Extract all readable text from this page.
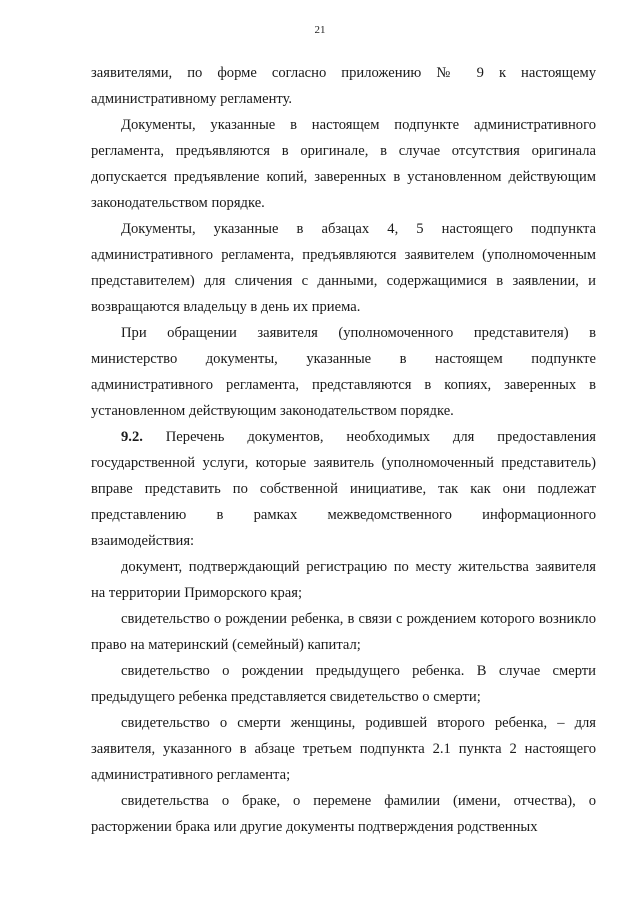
21

заявителями, по форме согласно приложению № 9 к настоящему административному регламенту.

Документы, указанные в настоящем подпункте административного регламента, предъявляются в оригинале, в случае отсутствия оригинала допускается предъявление копий, заверенных в установленном действующим законодательством порядке.

Документы, указанные в абзацах 4, 5 настоящего подпункта административного регламента, предъявляются заявителем (уполномоченным представителем) для сличения с данными, содержащимися в заявлении, и возвращаются владельцу в день их приема.

При обращении заявителя (уполномоченного представителя) в министерство документы, указанные в настоящем подпункте административного регламента, представляются в копиях, заверенных в установленном действующим законодательством порядке.

9.2. Перечень документов, необходимых для предоставления государственной услуги, которые заявитель (уполномоченный представитель) вправе представить по собственной инициативе, так как они подлежат представлению в рамках межведомственного информационного взаимодействия:

документ, подтверждающий регистрацию по месту жительства заявителя на территории Приморского края;

свидетельство о рождении ребенка, в связи с рождением которого возникло право на материнский (семейный) капитал;

свидетельство о рождении предыдущего ребенка. В случае смерти предыдущего ребенка представляется свидетельство о смерти;

свидетельство о смерти женщины, родившей второго ребенка, – для заявителя, указанного в абзаце третьем подпункта 2.1 пункта 2 настоящего административного регламента;

свидетельства о браке, о перемене фамилии (имени, отчества), о расторжении брака или другие документы подтверждения родственных
